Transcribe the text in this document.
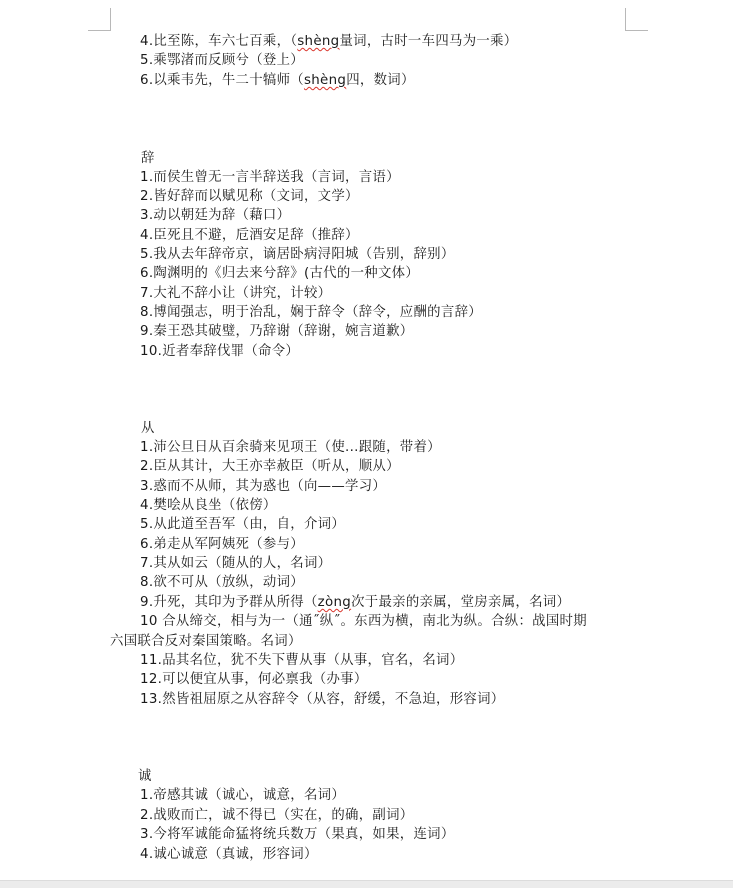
4.比至陈，车六七百乘，（shèng量词，古时一车四马为一乘）
5.乘鄂渚而反顾兮（登上）
6.以乘韦先，牛二十犒师（shèng四，数词）
辞
1.而侯生曾无一言半辞送我（言词，言语）
2.皆好辞而以赋见称（文词，文学）
3.动以朝廷为辞（藉口）
4.臣死且不避，卮酒安足辞（推辞）
5.我从去年辞帝京，谪居卧病浔阳城（告别，辞别）
6.陶渊明的《归去来兮辞》(古代的一种文体）
7.大礼不辞小让（讲究，计较）
8.博闻强志，明于治乱，娴于辞令（辞令，应酬的言辞）
9.秦王恐其破璧，乃辞谢（辞谢，婉言道歉）
10.近者奉辞伐罪（命令）
从
1.沛公旦日从百余骑来见项王（使...跟随，带着）
2.臣从其计，大王亦幸赦臣（听从，顺从）
3.惑而不从师，其为惑也（向——学习）
4.樊哙从良坐（依傍）
5.从此道至吾军（由，自，介词）
6.弟走从军阿姨死（参与）
7.其从如云（随从的人，名词）
8.欲不可从（放纵，动词）
9.升死，其印为予群从所得（zòng次于最亲的亲属，堂房亲属，名词）
10 合从缔交，相与为一（通˝纵˝。东西为横，南北为纵。合纵：战国时期
六国联合反对秦国策略。名词）
11.品其名位，犹不失下曹从事（从事，官名，名词）
12.可以便宜从事，何必禀我（办事）
13.然皆祖屈原之从容辞令（从容，舒缓，不急迫，形容词）
诚
1.帝感其诚（诚心，诚意，名词）
2.战败而亡，诚不得已（实在，的确，副词）
3.今将军诚能命猛将统兵数万（果真，如果，连词）
4.诚心诚意（真诚，形容词）
